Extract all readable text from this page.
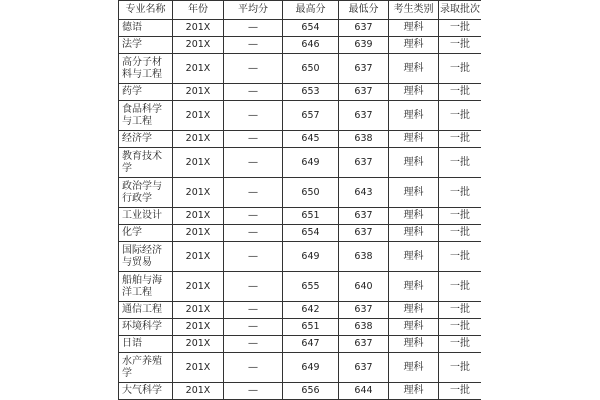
专业名称	年份	平均分	最高分	最低分	考生类别	录取批次
德语	201X	—	654	637	理科	一批
法学	201X	—	646	639	理科	一批
高分子材料与工程	201X	—	650	637	理科	一批
药学	201X	—	653	637	理科	一批
食品科学与工程	201X	—	657	637	理科	一批
经济学	201X	—	645	638	理科	一批
教育技术学	201X	—	649	637	理科	一批
政治学与行政学	201X	—	650	643	理科	一批
工业设计	201X	—	651	637	理科	一批
化学	201X	—	654	637	理科	一批
国际经济与贸易	201X	—	649	638	理科	一批
船舶与海洋工程	201X	—	655	640	理科	一批
通信工程	201X	—	642	637	理科	一批
环境科学	201X	—	651	638	理科	一批
日语	201X	—	647	637	理科	一批
水产养殖学	201X	—	649	637	理科	一批
大气科学	201X	—	656	644	理科	一批
